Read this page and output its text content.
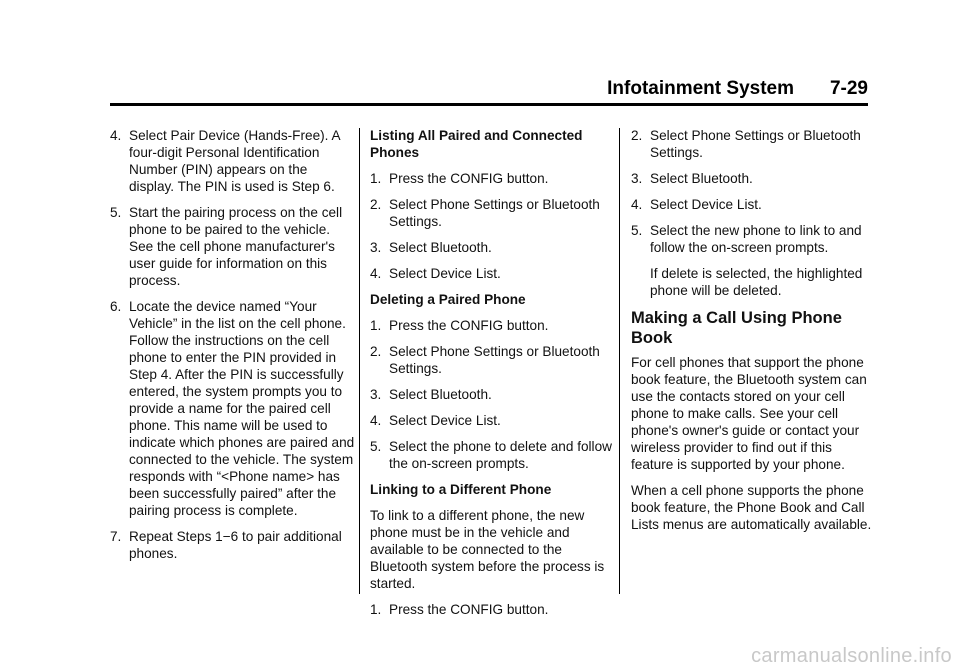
Infotainment System 7-29
4. Select Pair Device (Hands-Free). A four-digit Personal Identification Number (PIN) appears on the display. The PIN is used is Step 6.
5. Start the pairing process on the cell phone to be paired to the vehicle. See the cell phone manufacturer's user guide for information on this process.
6. Locate the device named “Your Vehicle” in the list on the cell phone. Follow the instructions on the cell phone to enter the PIN provided in Step 4. After the PIN is successfully entered, the system prompts you to provide a name for the paired cell phone. This name will be used to indicate which phones are paired and connected to the vehicle. The system responds with “<Phone name> has been successfully paired” after the pairing process is complete.
7. Repeat Steps 1−6 to pair additional phones.
Listing All Paired and Connected Phones
1. Press the CONFIG button.
2. Select Phone Settings or Bluetooth Settings.
3. Select Bluetooth.
4. Select Device List.
Deleting a Paired Phone
1. Press the CONFIG button.
2. Select Phone Settings or Bluetooth Settings.
3. Select Bluetooth.
4. Select Device List.
5. Select the phone to delete and follow the on-screen prompts.
Linking to a Different Phone
To link to a different phone, the new phone must be in the vehicle and available to be connected to the Bluetooth system before the process is started.
1. Press the CONFIG button.
2. Select Phone Settings or Bluetooth Settings.
3. Select Bluetooth.
4. Select Device List.
5. Select the new phone to link to and follow the on-screen prompts.
If delete is selected, the highlighted phone will be deleted.
Making a Call Using Phone Book
For cell phones that support the phone book feature, the Bluetooth system can use the contacts stored on your cell phone to make calls. See your cell phone's owner's guide or contact your wireless provider to find out if this feature is supported by your phone.
When a cell phone supports the phone book feature, the Phone Book and Call Lists menus are automatically available.
carmanualsonline.info
